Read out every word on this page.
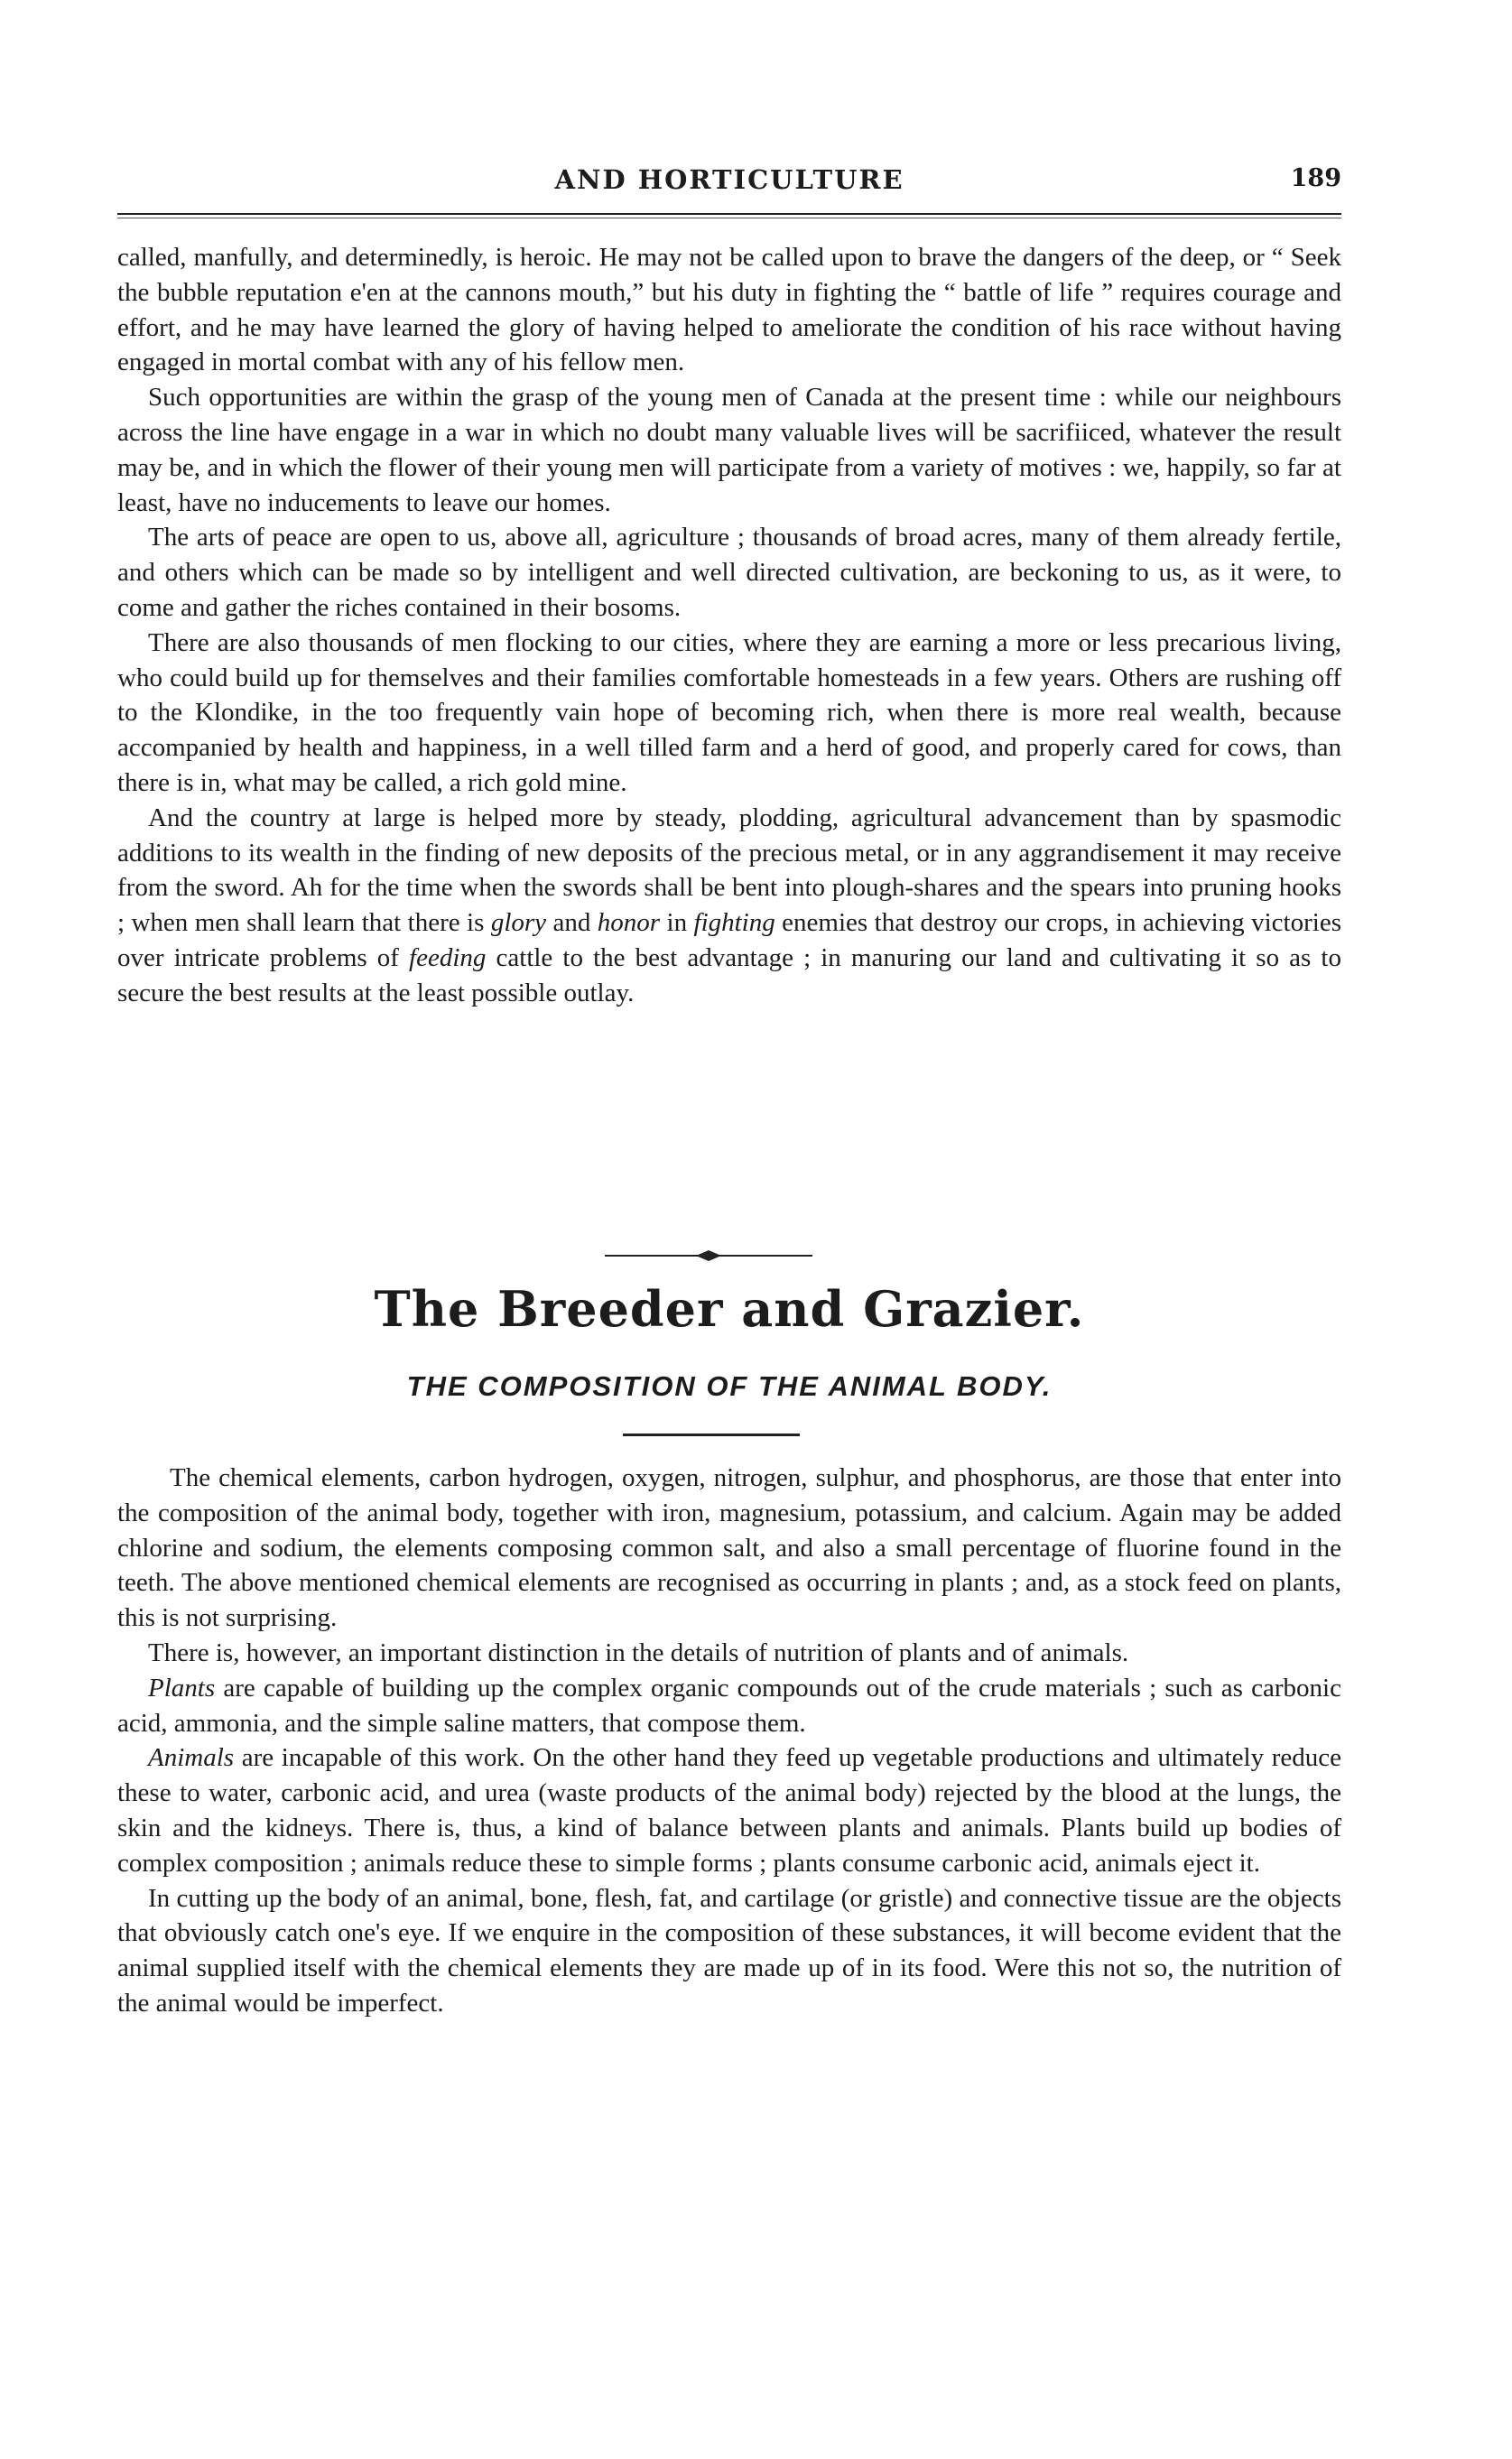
AND HORTICULTURE	189

called, manfully, and determinedly, is heroic. He may not be called upon to brave the dangers of the deep, or “ Seek the bubble reputation e'en at the cannons mouth,” but his duty in fighting the “ battle of life ” requires courage and effort, and he may have learned the glory of having helped to ameliorate the condition of his race without having engaged in mortal combat with any of his fellow men.

Such opportunities are within the grasp of the young men of Canada at the present time : while our neighbours across the line have engage in a war in which no doubt many valuable lives will be sacrifiiced, whatever the result may be, and in which the flower of their young men will participate from a variety of motives : we, happily, so far at least, have no inducements to leave our homes.

The arts of peace are open to us, above all, agriculture ; thousands of broad acres, many of them already fertile, and others which can be made so by intelligent and well directed cultivation, are beckoning to us, as it were, to come and gather the riches contained in their bosoms.

There are also thousands of men flocking to our cities, where they are earning a more or less precarious living, who could build up for themselves and their families comfortable homesteads in a few years. Others are rushing off to the Klondike, in the too frequently vain hope of becoming rich, when there is more real wealth, because accompanied by health and happiness, in a well tilled farm and a herd of good, and properly cared for cows, than there is in, what may be called, a rich gold mine.

And the country at large is helped more by steady, plodding, agricultural advancement than by spasmodic additions to its wealth in the finding of new deposits of the precious metal, or in any aggrandisement it may receive from the sword. Ah for the time when the swords shall be bent into plough-shares and the spears into pruning hooks ; when men shall learn that there is glory and honor in fighting enemies that destroy our crops, in achieving victories over intricate problems of feeding cattle to the best advantage ; in manuring our land and cultivating it so as to secure the best results at the least possible outlay.

The Breeder and Grazier.
THE COMPOSITION OF THE ANIMAL BODY.

The chemical elements, carbon hydrogen, oxygen, nitrogen, sulphur, and phosphorus, are those that enter into the composition of the animal body, together with iron, magnesium, potassium, and calcium. Again may be added chlorine and sodium, the elements composing common salt, and also a small percentage of fluorine found in the teeth. The above mentioned chemical elements are recognised as occurring in plants ; and, as a stock feed on plants, this is not surprising.

There is, however, an important distinction in the details of nutrition of plants and of animals.

Plants are capable of building up the complex organic compounds out of the crude materials ; such as carbonic acid, ammonia, and the simple saline matters, that compose them.

Animals are incapable of this work. On the other hand they feed up vegetable productions and ultimately reduce these to water, carbonic acid, and urea (waste products of the animal body) rejected by the blood at the lungs, the skin and the kidneys. There is, thus, a kind of balance between plants and animals. Plants build up bodies of complex composition ; animals reduce these to simple forms ; plants consume carbonic acid, animals eject it.

In cutting up the body of an animal, bone, flesh, fat, and cartilage (or gristle) and connective tissue are the objects that obviously catch one's eye. If we enquire in the composition of these substances, it will become evident that the animal supplied itself with the chemical elements they are made up of in its food. Were this not so, the nutrition of the animal would be imperfect.
